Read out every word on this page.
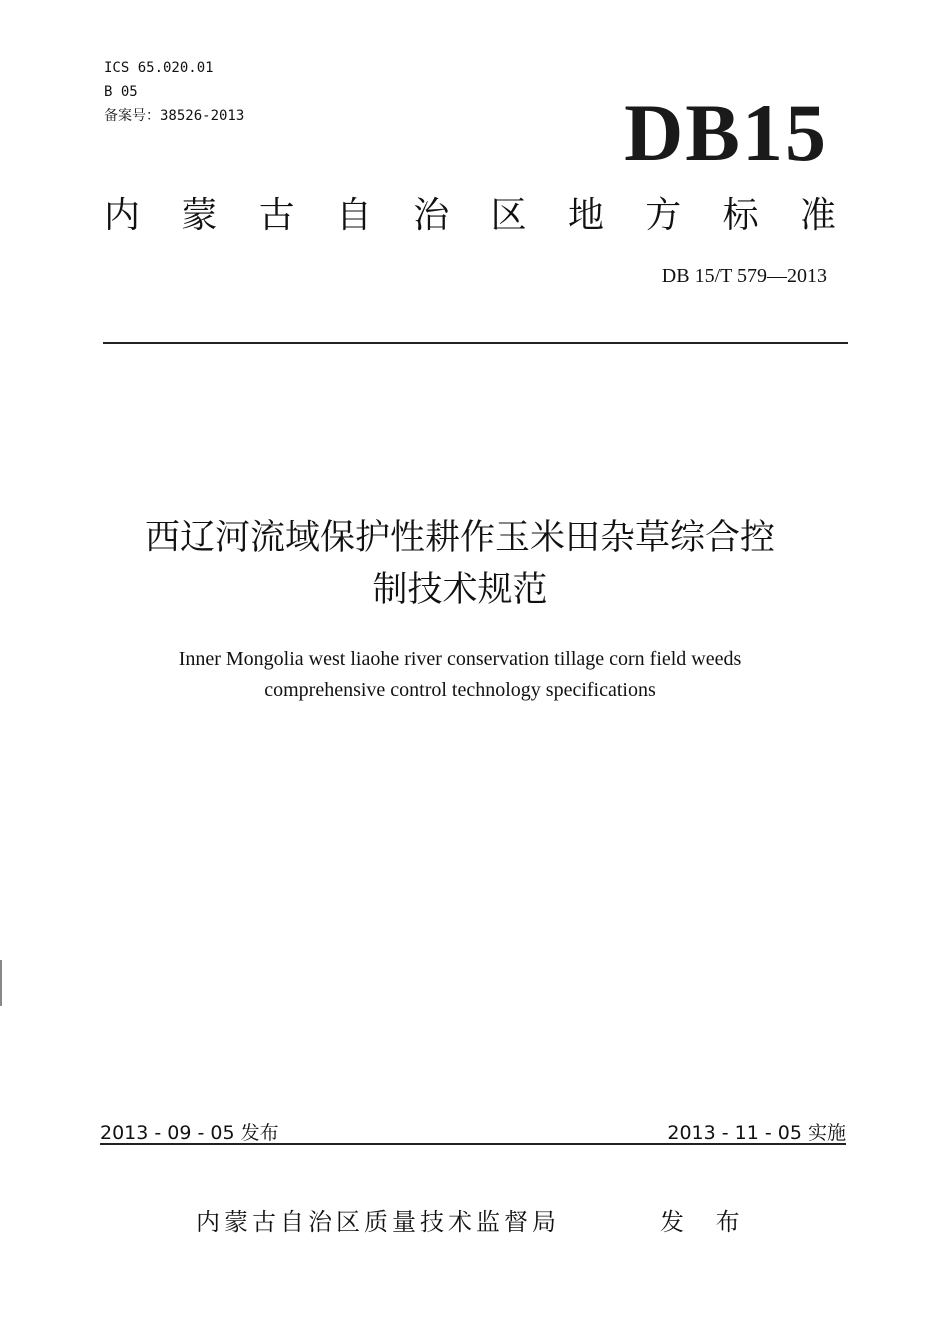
ICS 65.020.01
B 05
备案号：38526-2013	DB15
内 蒙 古 自 治 区 地 方 标 准
DB 15/T 579—2013
西辽河流域保护性耕作玉米田杂草综合控
制技术规范
Inner Mongolia west liaohe river conservation tillage corn field weeds
comprehensive control technology specifications
2013 - 09 - 05 发布	2013 - 11 - 05 实施
内蒙古自治区质量技术监督局	发 布
